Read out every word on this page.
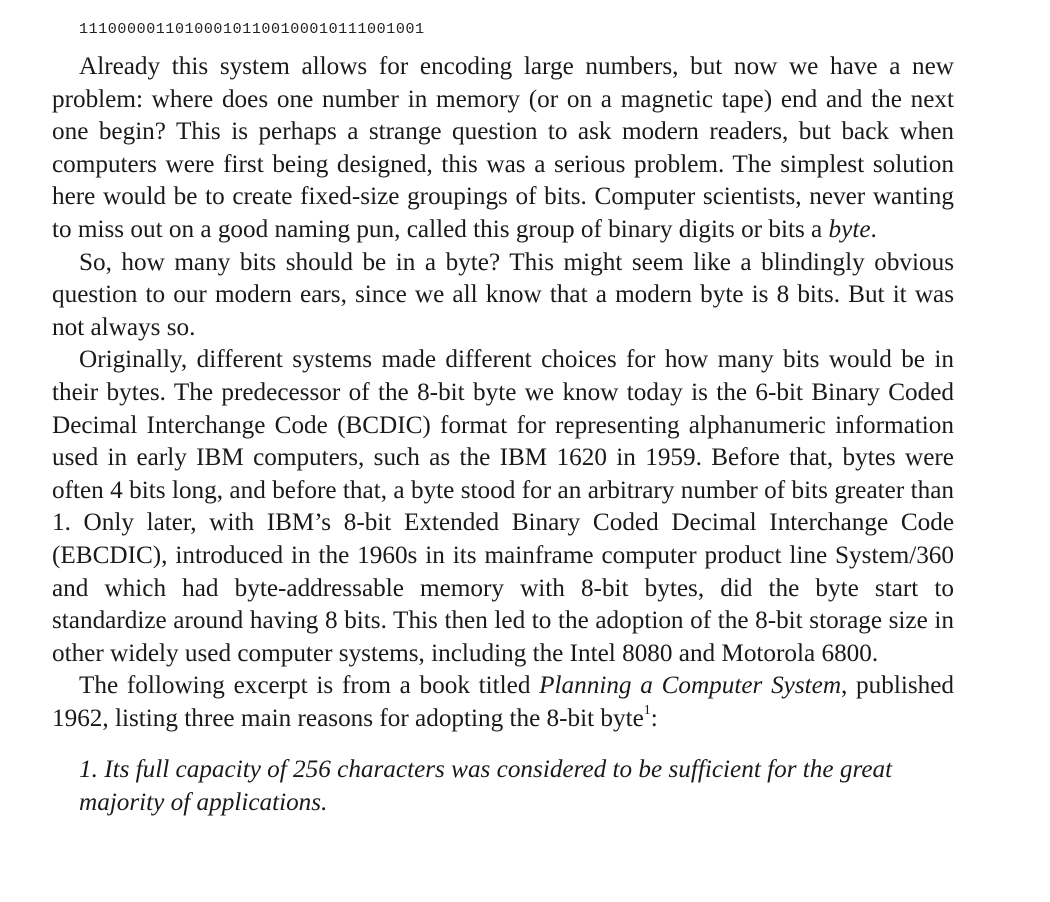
111000001101000101100100010111001001

Already this system allows for encoding large numbers, but now we have a new problem: where does one number in memory (or on a magnetic tape) end and the next one begin? This is perhaps a strange question to ask modern readers, but back when computers were first being designed, this was a serious problem. The simplest solution here would be to create fixed-size groupings of bits. Computer scientists, never wanting to miss out on a good naming pun, called this group of binary digits or bits a byte.

So, how many bits should be in a byte? This might seem like a blindingly obvious question to our modern ears, since we all know that a modern byte is 8 bits. But it was not always so.

Originally, different systems made different choices for how many bits would be in their bytes. The predecessor of the 8-bit byte we know today is the 6-bit Binary Coded Decimal Interchange Code (BCDIC) format for representing alphanumeric information used in early IBM computers, such as the IBM 1620 in 1959. Before that, bytes were often 4 bits long, and before that, a byte stood for an arbitrary number of bits greater than 1. Only later, with IBM’s 8-bit Extended Binary Coded Decimal Interchange Code (EBCDIC), introduced in the 1960s in its mainframe computer product line System/360 and which had byte-addressable memory with 8-bit bytes, did the byte start to standardize around having 8 bits. This then led to the adoption of the 8-bit storage size in other widely used computer systems, including the Intel 8080 and Motorola 6800.

The following excerpt is from a book titled Planning a Computer System, published 1962, listing three main reasons for adopting the 8-bit byte$^1$:

1. Its full capacity of 256 characters was considered to be sufficient for the great majority of applications.
